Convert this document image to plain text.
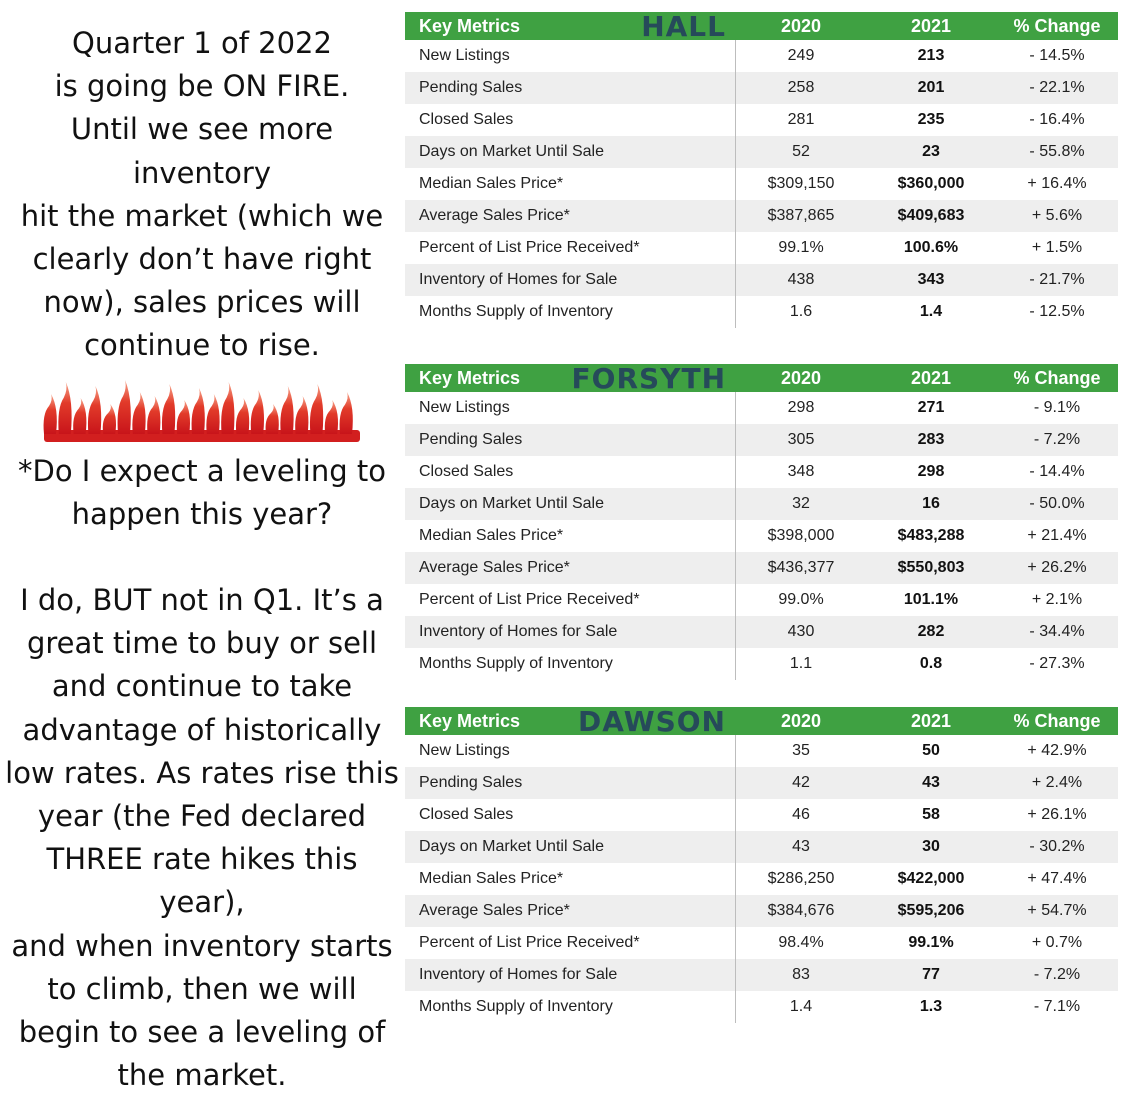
Quarter 1 of 2022
is going be ON FIRE.
Until we see more inventory
hit the market (which we
clearly don’t have right
now), sales prices will
continue to rise.

*Do I expect a leveling to
happen this year?

I do, BUT not in Q1. It’s a
great time to buy or sell
and continue to take
advantage of historically
low rates. As rates rise this
year (the Fed declared
THREE rate hikes this year),
and when inventory starts
to climb, then we will
begin to see a leveling of
the market.

Key Metrics	HALL	2020	2021	% Change
New Listings	249	213	- 14.5%
Pending Sales	258	201	- 22.1%
Closed Sales	281	235	- 16.4%
Days on Market Until Sale	52	23	- 55.8%
Median Sales Price*	$309,150	$360,000	+ 16.4%
Average Sales Price*	$387,865	$409,683	+ 5.6%
Percent of List Price Received*	99.1%	100.6%	+ 1.5%
Inventory of Homes for Sale	438	343	- 21.7%
Months Supply of Inventory	1.6	1.4	- 12.5%
Key Metrics FORSYTH	2020	2021	% Change
New Listings	298	271	- 9.1%
Pending Sales	305	283	- 7.2%
Closed Sales	348	298	- 14.4%
Days on Market Until Sale	32	16	- 50.0%
Median Sales Price*	$398,000	$483,288	+ 21.4%
Average Sales Price*	$436,377	$550,803	+ 26.2%
Percent of List Price Received*	99.0%	101.1%	+ 2.1%
Inventory of Homes for Sale	430	282	- 34.4%
Months Supply of Inventory	1.1	0.8	- 27.3%
Key Metrics DAWSON	2020	2021	% Change
New Listings	35	50	+ 42.9%
Pending Sales	42	43	+ 2.4%
Closed Sales	46	58	+ 26.1%
Days on Market Until Sale	43	30	- 30.2%
Median Sales Price*	$286,250	$422,000	+ 47.4%
Average Sales Price*	$384,676	$595,206	+ 54.7%
Percent of List Price Received*	98.4%	99.1%	+ 0.7%
Inventory of Homes for Sale	83	77	- 7.2%
Months Supply of Inventory	1.4	1.3	- 7.1%
